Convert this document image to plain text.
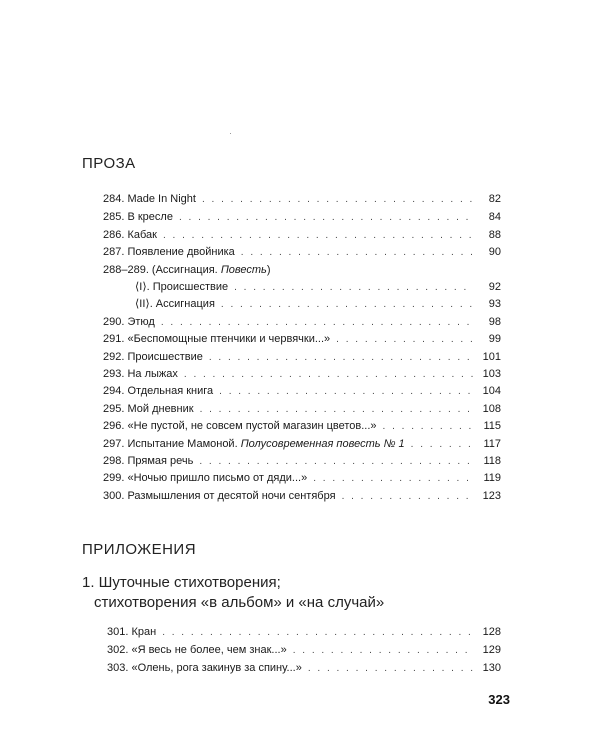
ПРОЗА
284. Made In Night . . .	82
285. В кресле . . .	84
286. Кабак . . .	88
287. Появление двойника . . .	90
288–289. (Ассигнация. Повесть)
⟨I⟩. Происшествие . . .	92
⟨II⟩. Ассигнация . . .	93
290. Этюд . . .	98
291. «Беспомощные птенчики и червячки...» . . .	99
292. Происшествие . . .	101
293. На лыжах . . .	103
294. Отдельная книга . . .	104
295. Мой дневник . . .	108
296. «Не пустой, не совсем пустой магазин цветов...» . . .	115
297. Испытание Мамоной. Полусовременная повесть № 1 . . .	117
298. Прямая речь . . .	118
299. «Ночью пришло письмо от дяди...» . . .	119
300. Размышления от десятой ночи сентября . . .	123
ПРИЛОЖЕНИЯ
1. Шуточные стихотворения;
стихотворения «в альбом» и «на случай»
301. Кран . . .	128
302. «Я весь не более, чем знак...» . . .	129
303. «Олень, рога закинув за спину...» . . .	130
323
